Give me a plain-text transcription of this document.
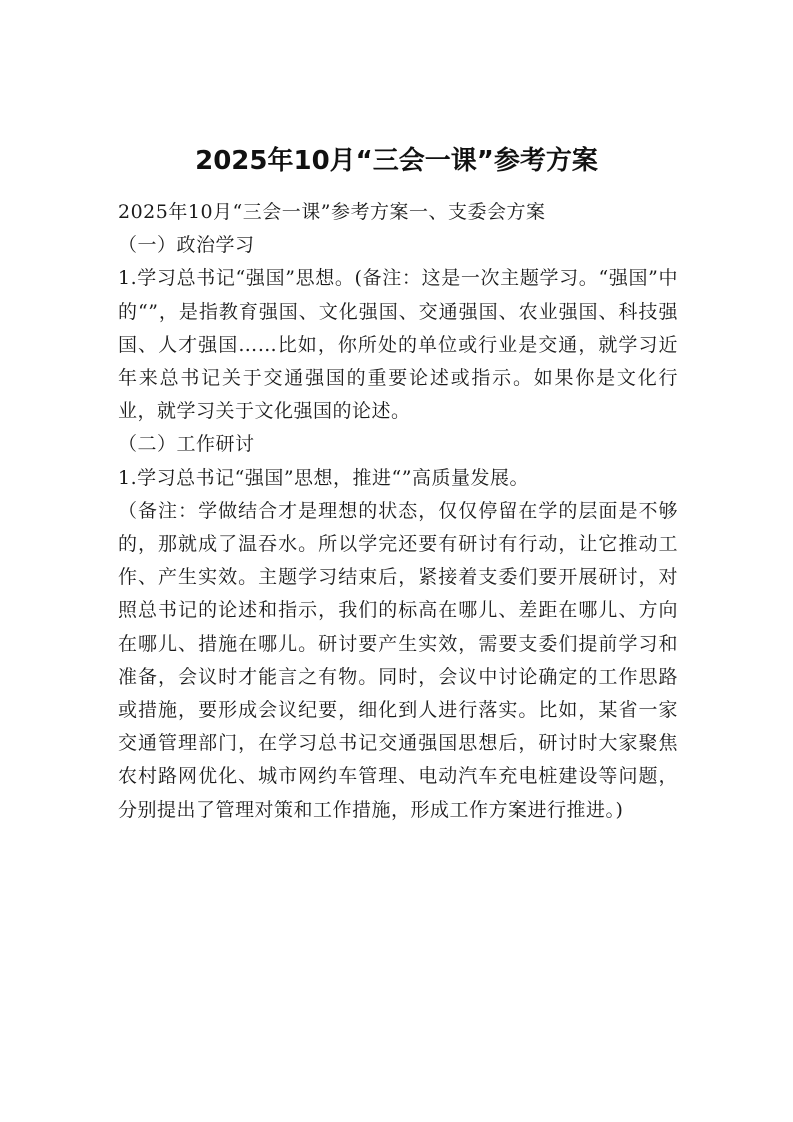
2025年10月“三会一课”参考方案

2025年10月“三会一课”参考方案一、支委会方案

（一）政治学习

1.学习总书记“强国”思想。(备注：这是一次主题学习。“强国”中的“”，是指教育强国、文化强国、交通强国、农业强国、科技强国、人才强国……比如，你所处的单位或行业是交通，就学习近年来总书记关于交通强国的重要论述或指示。如果你是文化行业，就学习关于文化强国的论述。

（二）工作研讨

1.学习总书记“强国”思想，推进“”高质量发展。

（备注：学做结合才是理想的状态，仅仅停留在学的层面是不够的，那就成了温吞水。所以学完还要有研讨有行动，让它推动工作、产生实效。主题学习结束后，紧接着支委们要开展研讨，对照总书记的论述和指示，我们的标高在哪儿、差距在哪儿、方向在哪儿、措施在哪儿。研讨要产生实效，需要支委们提前学习和准备，会议时才能言之有物。同时，会议中讨论确定的工作思路或措施，要形成会议纪要，细化到人进行落实。比如，某省一家交通管理部门，在学习总书记交通强国思想后，研讨时大家聚焦农村路网优化、城市网约车管理、电动汽车充电桩建设等问题，分别提出了管理对策和工作措施，形成工作方案进行推进。)
